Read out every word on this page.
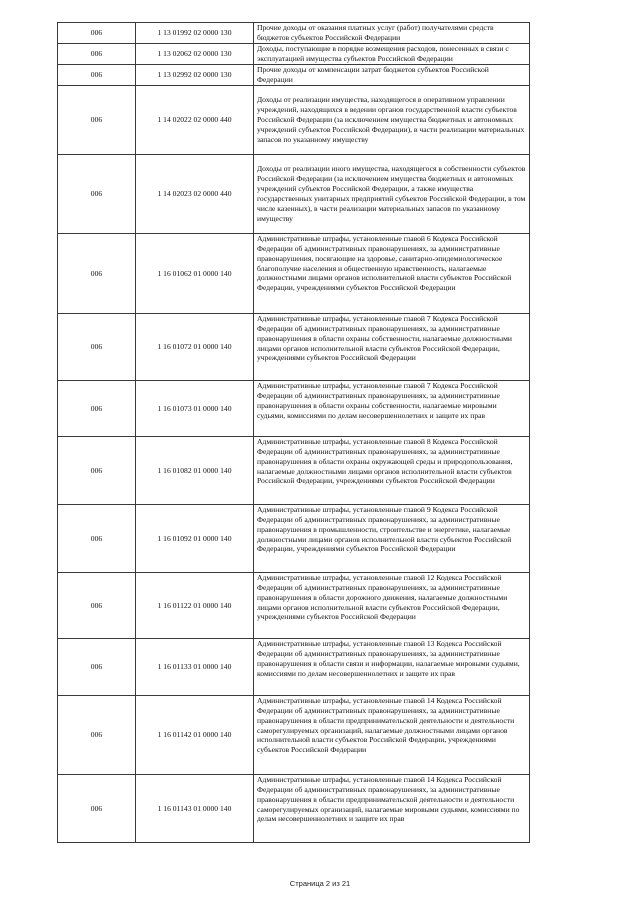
006	1 13 01992 02 0000 130	Прочие доходы от оказания платных услуг (работ) получателями средств бюджетов субъектов Российской Федерации
006	1 13 02062 02 0000 130	Доходы, поступающие в порядке возмещения расходов, понесенных в связи с эксплуатацией имущества субъектов Российской Федерации
006	1 13 02992 02 0000 130	Прочие доходы от компенсации затрат бюджетов субъектов Российской Федерации
006	1 14 02022 02 0000 440	Доходы от реализации имущества, находящегося в оперативном управлении учреждений, находящихся в ведении органов государственной власти субъектов Российской Федерации (за исключением имущества бюджетных и автономных учреждений субъектов Российской Федерации), в части реализации материальных запасов по указанному имуществу
006	1 14 02023 02 0000 440	Доходы от реализации иного имущества, находящегося в собственности субъектов Российской Федерации (за исключением имущества бюджетных и автономных учреждений субъектов Российской Федерации, а также имущества государственных унитарных предприятий субъектов Российской Федерации, в том числе казенных), в части реализации материальных запасов по указанному имуществу
006	1 16 01062 01 0000 140	Административные штрафы, установленные главой 6 Кодекса Российской Федерации об административных правонарушениях, за административные правонарушения, посягающие на здоровье, санитарно-эпидемиологическое благополучие населения и общественную нравственность, налагаемые должностными лицами органов исполнительной власти субъектов Российской Федерации, учреждениями субъектов Российской Федерации
006	1 16 01072 01 0000 140	Административные штрафы, установленные главой 7 Кодекса Российской Федерации об административных правонарушениях, за административные правонарушения в области охраны собственности, налагаемые должностными лицами органов исполнительной власти субъектов Российской Федерации, учреждениями субъектов Российской Федерации
006	1 16 01073 01 0000 140	Административные штрафы, установленные главой 7 Кодекса Российской Федерации об административных правонарушениях, за административные правонарушения в области охраны собственности, налагаемые мировыми судьями, комиссиями по делам несовершеннолетних и защите их прав
006	1 16 01082 01 0000 140	Административные штрафы, установленные главой 8 Кодекса Российской Федерации об административных правонарушениях, за административные правонарушения в области охраны окружающей среды и природопользования, налагаемые должностными лицами органов исполнительной власти субъектов Российской Федерации, учреждениями субъектов Российской Федерации
006	1 16 01092 01 0000 140	Административные штрафы, установленные главой 9 Кодекса Российской Федерации об административных правонарушениях, за административные правонарушения в промышленности, строительстве и энергетике, налагаемые должностными лицами органов исполнительной власти субъектов Российской Федерации, учреждениями субъектов Российской Федерации
006	1 16 01122 01 0000 140	Административные штрафы, установленные главой 12 Кодекса Российской Федерации об административных правонарушениях, за административные правонарушения в области дорожного движения, налагаемые должностными лицами органов исполнительной власти субъектов Российской Федерации, учреждениями субъектов Российской Федерации
006	1 16 01133 01 0000 140	Административные штрафы, установленные главой 13 Кодекса Российской Федерации об административных правонарушениях, за административные правонарушения в области связи и информации, налагаемые мировыми судьями, комиссиями по делам несовершеннолетних и защите их прав
006	1 16 01142 01 0000 140	Административные штрафы, установленные главой 14 Кодекса Российской Федерации об административных правонарушениях, за административные правонарушения в области предпринимательской деятельности и деятельности саморегулируемых организаций, налагаемые должностными лицами органов исполнительной власти субъектов Российской Федерации, учреждениями субъектов Российской Федерации
006	1 16 01143 01 0000 140	Административные штрафы, установленные главой 14 Кодекса Российской Федерации об административных правонарушениях, за административные правонарушения в области предпринимательской деятельности и деятельности саморегулируемых организаций, налагаемые мировыми судьями, комиссиями по делам несовершеннолетних и защите их прав
Страница 2 из 21
